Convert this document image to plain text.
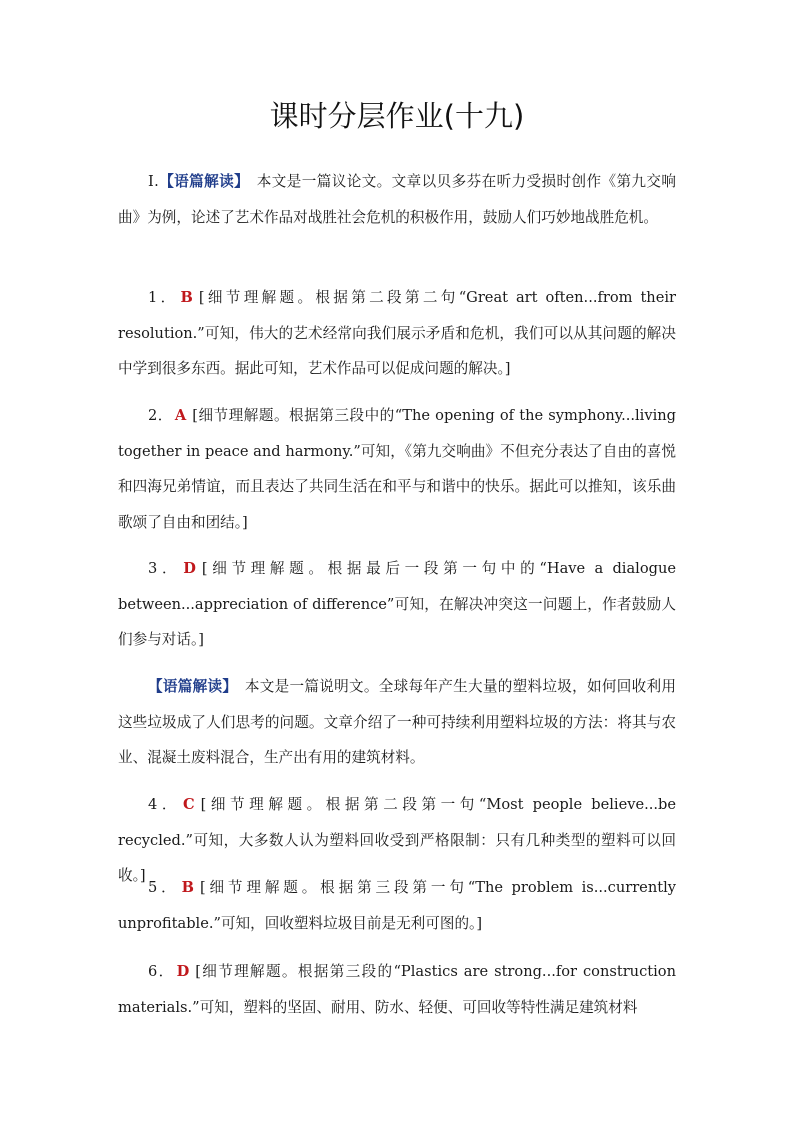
课时分层作业(十九)
Ⅰ.【语篇解读】　本文是一篇议论文。文章以贝多芬在听力受损时创作《第九交响曲》为例，论述了艺术作品对战胜社会危机的积极作用，鼓励人们巧妙地战胜危机。
1． B [细节理解题。根据第二段第二句“Great art often...from their resolution.”可知，伟大的艺术经常向我们展示矛盾和危机，我们可以从其问题的解决中学到很多东西。据此可知，艺术作品可以促成问题的解决。]
2． A [细节理解题。根据第三段中的“The opening of the symphony...living together in peace and harmony.”可知，《第九交响曲》不但充分表达了自由的喜悦和四海兄弟情谊，而且表达了共同生活在和平与和谐中的快乐。据此可以推知，该乐曲歌颂了自由和团结。]
3． D [细节理解题。根据最后一段第一句中的“Have a dialogue between...appreciation of difference”可知，在解决冲突这一问题上，作者鼓励人们参与对话。]
【语篇解读】　本文是一篇说明文。全球每年产生大量的塑料垃圾，如何回收利用这些垃圾成了人们思考的问题。文章介绍了一种可持续利用塑料垃圾的方法：将其与农业、混凝土废料混合，生产出有用的建筑材料。
4． C [细节理解题。根据第二段第一句“Most people believe...be recycled.”可知，大多数人认为塑料回收受到严格限制：只有几种类型的塑料可以回收。]
5． B [细节理解题。根据第三段第一句“The problem is...currently unprofitable.”可知，回收塑料垃圾目前是无利可图的。]
6． D [细节理解题。根据第三段的“Plastics are strong...for construction materials.”可知，塑料的坚固、耐用、防水、轻便、可回收等特性满足建筑材料
